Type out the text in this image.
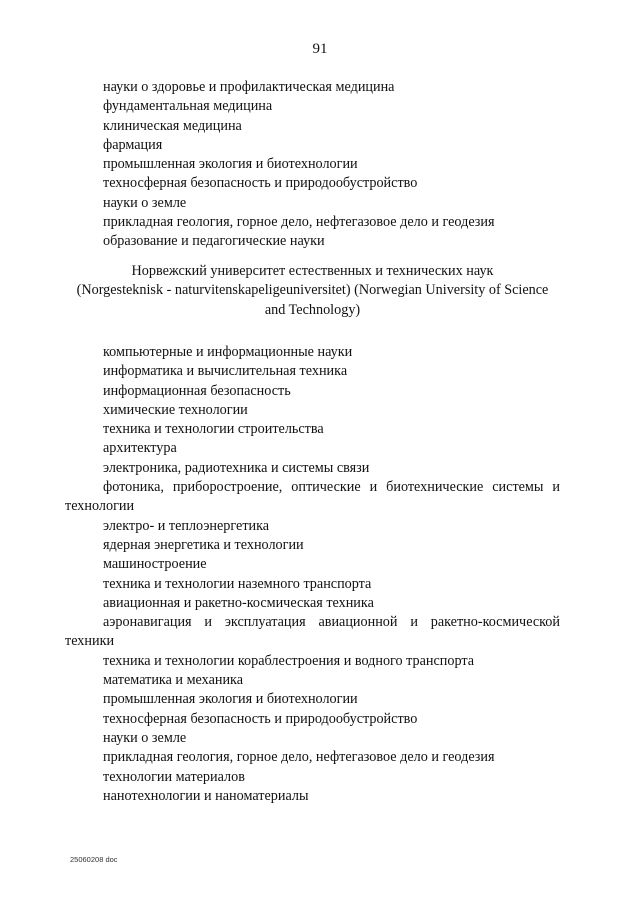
91
науки о здоровье и профилактическая медицина
фундаментальная медицина
клиническая медицина
фармация
промышленная экология и биотехнологии
техносферная безопасность и природообустройство
науки о земле
прикладная геология, горное дело, нефтегазовое дело и геодезия
образование и педагогические науки
Норвежский университет естественных и технических наук
(Norgesteknisk - naturvitenskapeligeuniversitet) (Norwegian University of Science and Technology)
компьютерные и информационные науки
информатика и вычислительная техника
информационная безопасность
химические технологии
техника и технологии строительства
архитектура
электроника, радиотехника и системы связи
фотоника, приборостроение, оптические и биотехнические системы и технологии
электро- и теплоэнергетика
ядерная энергетика и технологии
машиностроение
техника и технологии наземного транспорта
авиационная и ракетно-космическая техника
аэронавигация и эксплуатация авиационной и ракетно-космической техники
техника и технологии кораблестроения и водного транспорта
математика и механика
промышленная экология и биотехнологии
техносферная безопасность и природообустройство
науки о земле
прикладная геология, горное дело, нефтегазовое дело и геодезия
технологии материалов
нанотехнологии и наноматериалы
25060208 doc
